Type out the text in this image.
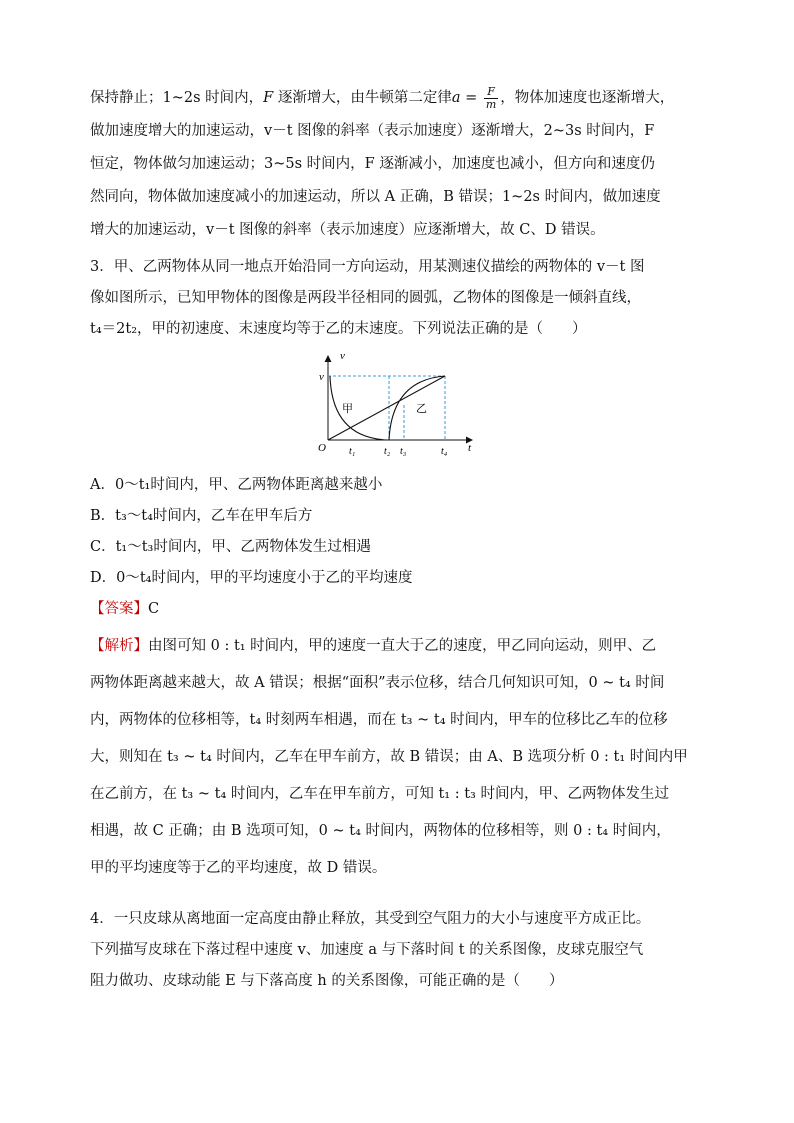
保持静止；1~2s 时间内，F 逐渐增大，由牛顿第二定律$a = \frac{F}{m}$ ，物体加速度也逐渐增大，

做加速度增大的加速运动，v－t 图像的斜率（表示加速度）逐渐增大，2~3s 时间内，F

恒定，物体做匀加速运动；3~5s 时间内，F 逐渐减小，加速度也减小，但方向和速度仍

然同向，物体做加速度减小的加速运动，所以 A 正确，B 错误；1~2s 时间内，做加速度

增大的加速运动，v－t 图像的斜率（表示加速度）应逐渐增大，故 C、D 错误。

3．甲、乙两物体从同一地点开始沿同一方向运动，用某测速仪描绘的两物体的 v－t 图

像如图所示，已知甲物体的图像是两段半径相同的圆弧，乙物体的图像是一倾斜直线，

t₄＝2t₂，甲的初速度、末速度均等于乙的末速度。下列说法正确的是（　　）

v
v
O	t
甲	乙
t₁	t₂ t₃	t₄

A．0～t₁时间内，甲、乙两物体距离越来越小

B．t₃～t₄时间内，乙车在甲车后方

C．t₁～t₃时间内，甲、乙两物体发生过相遇

D．0～t₄时间内，甲的平均速度小于乙的平均速度

【答案】C

【解析】由图可知 0 : t₁ 时间内，甲的速度一直大于乙的速度，甲乙同向运动，则甲、乙

两物体距离越来越大，故 A 错误；根据“面积”表示位移，结合几何知识可知，0 ~ t₄ 时间

内，两物体的位移相等，t₄ 时刻两车相遇，而在 t₃ ~ t₄ 时间内，甲车的位移比乙车的位移

大，则知在 t₃ ~ t₄ 时间内，乙车在甲车前方，故 B 错误；由 A、B 选项分析 0 : t₁ 时间内甲

在乙前方，在 t₃ ~ t₄ 时间内，乙车在甲车前方，可知 t₁ : t₃ 时间内，甲、乙两物体发生过

相遇，故 C 正确；由 B 选项可知，0 ~ t₄ 时间内，两物体的位移相等，则 0 : t₄ 时间内，

甲的平均速度等于乙的平均速度，故 D 错误。

4．一只皮球从离地面一定高度由静止释放，其受到空气阻力的大小与速度平方成正比。

下列描写皮球在下落过程中速度 v、加速度 a 与下落时间 t 的关系图像，皮球克服空气

阻力做功、皮球动能 E 与下落高度 h 的关系图像，可能正确的是（　　）
